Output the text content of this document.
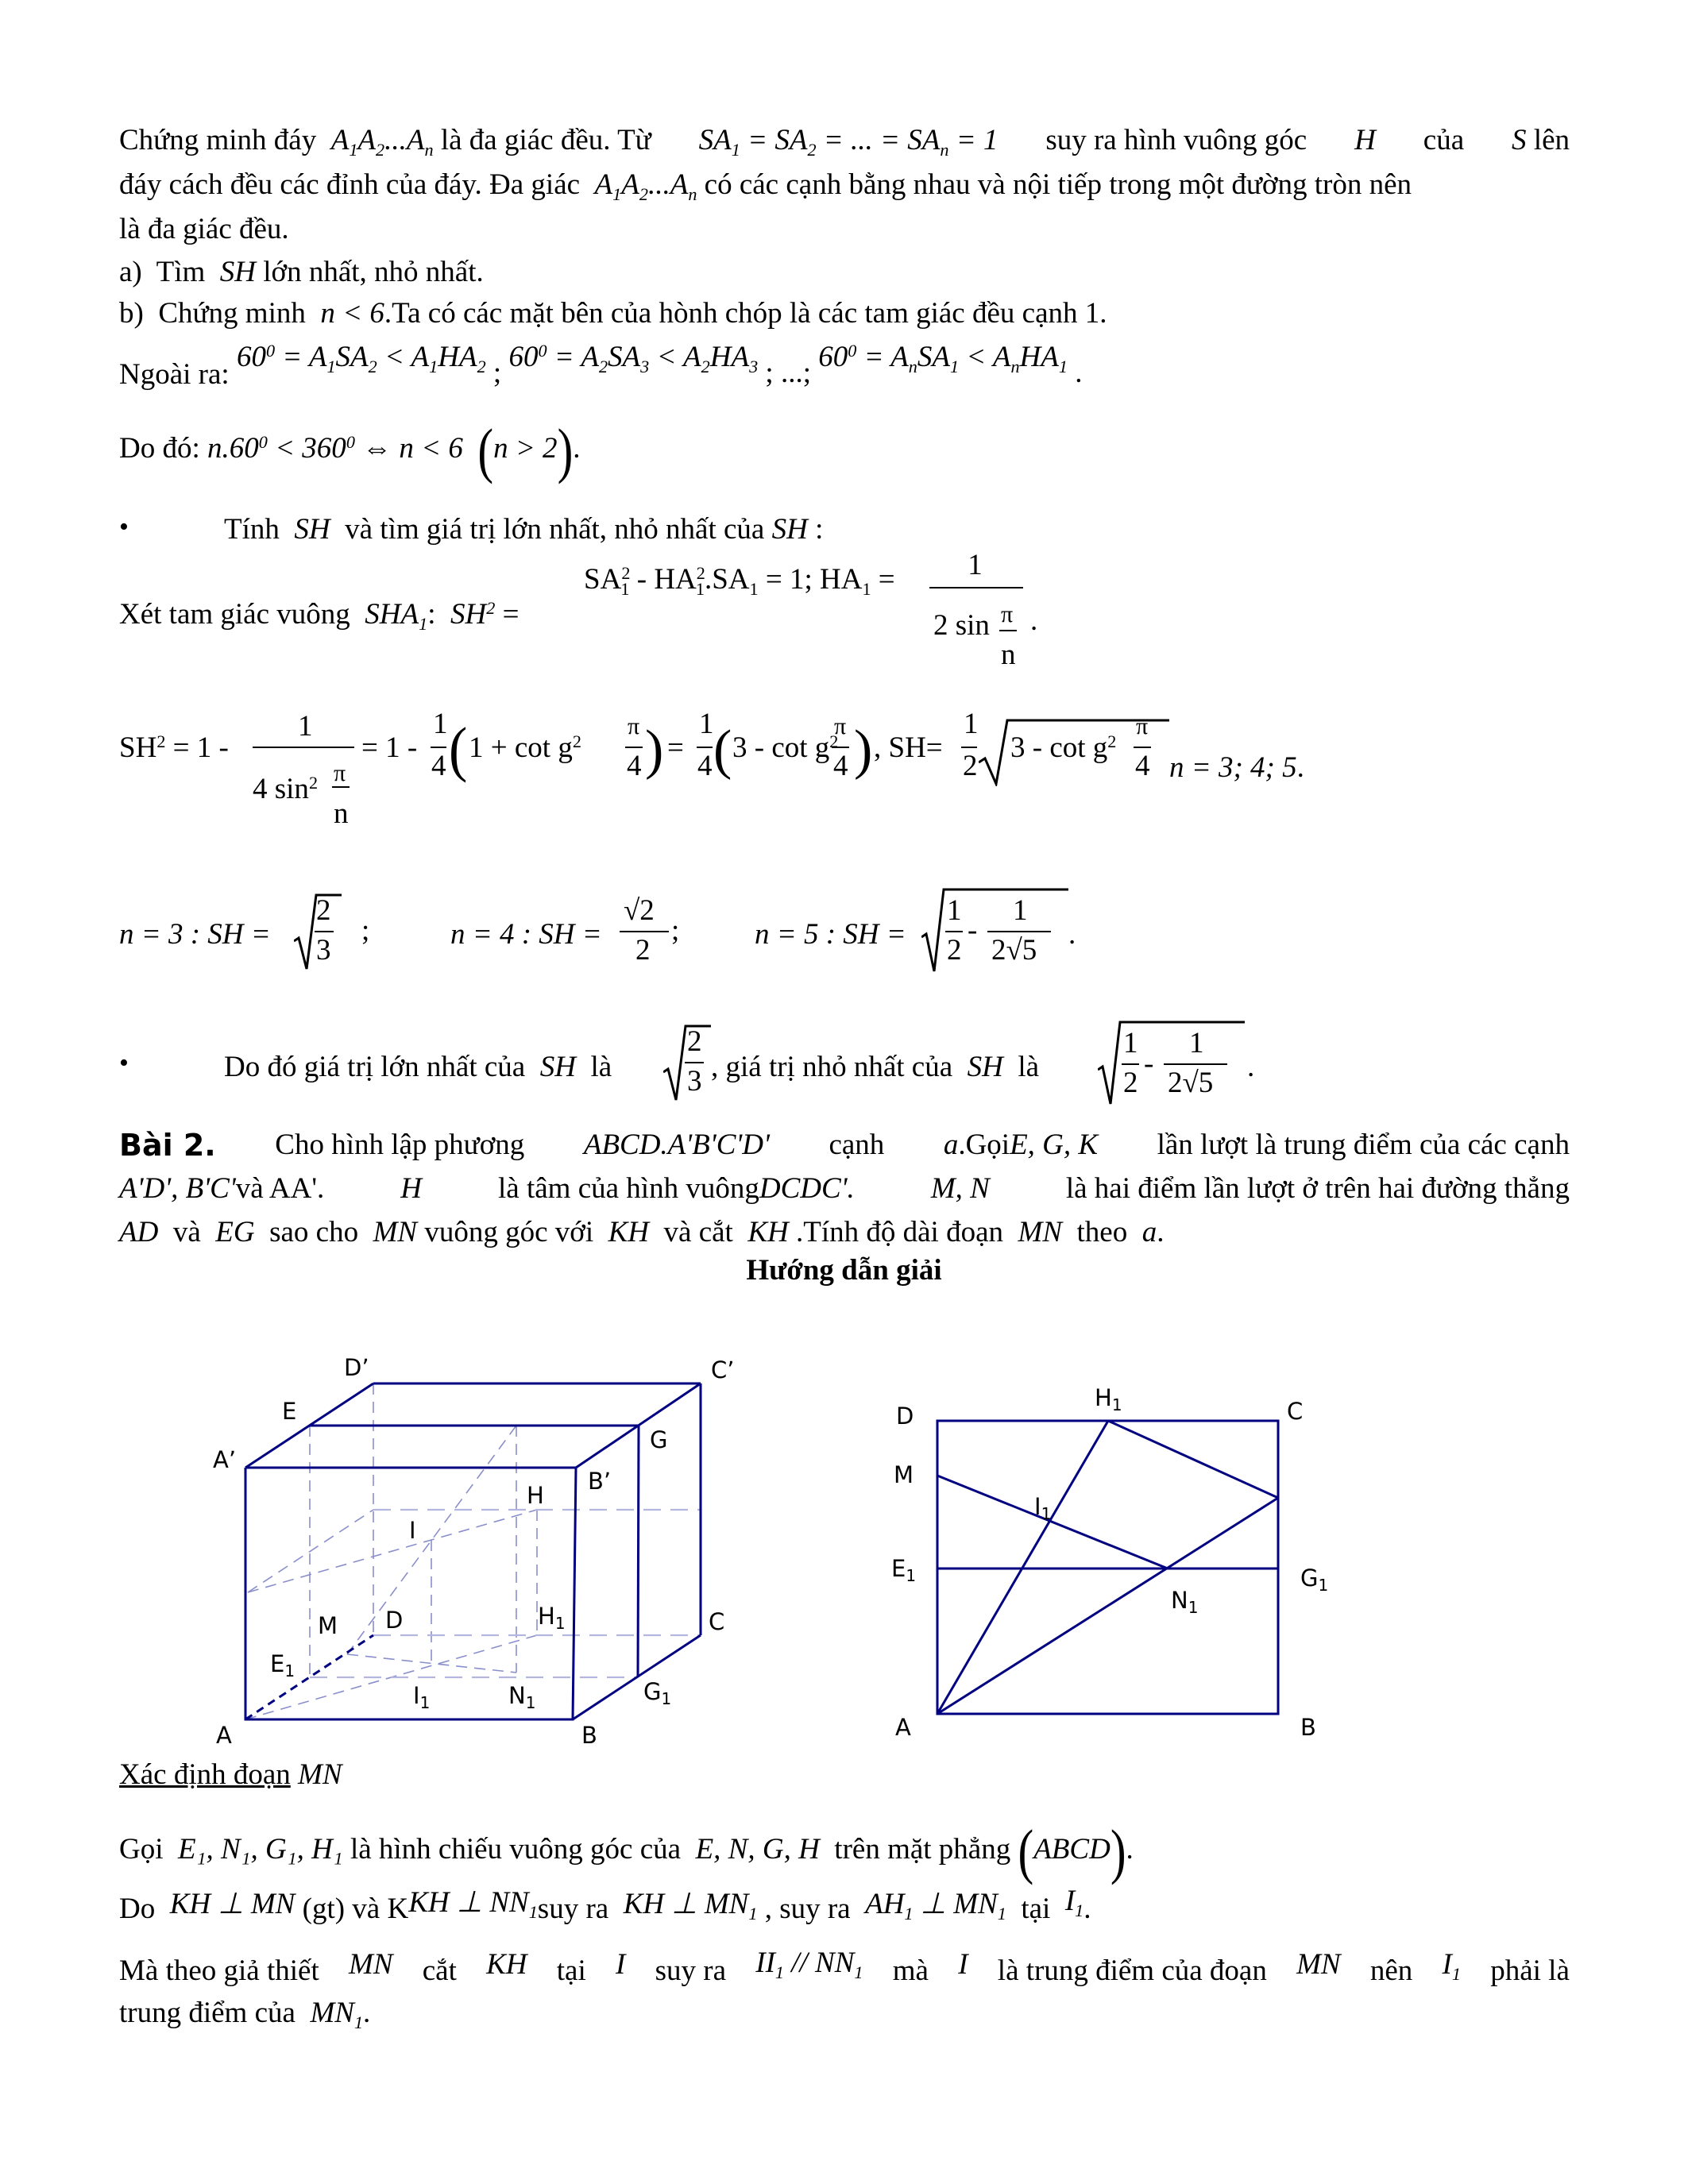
Chứng minh đáy $A_1A_2...A_n$ là đa giác đều. Từ $SA_1 = SA_2$ = ... = $SA_n = 1$ suy ra hình vuông góc H của S lên
đáy cách đều các đỉnh của đáy. Đa giác $A_1A_2...A_n$ có các cạnh bằng nhau và nội tiếp trong một đường tròn nên
là đa giác đều.
a) Tìm SH lớn nhất, nhỏ nhất.
b) Chứng minh n < 6.Ta có các mặt bên của hònh chóp là các tam giác đều cạnh 1.
Ngoài ra: $60^0 = A_1SA_2 < A_1HA_2$ ; $60^0 = A_2SA_3 < A_2HA_3$ ; ...; $60^0 = A_nSA_1 < A_nHA_1$ .
Do đó: $n.60^0 < 360^0$ ⇔ n < 6 (n > 2).
•	Tính SH và tìm giá trị lớn nhất, nhỏ nhất của SH :
Xét tam giác vuông $SHA_1$: $SH^2$ =
$SA^2_1 - HA^2_1.SA_1 = 1$; $HA_1$ =	1
2 sin π
n
.
$SH^2 = 1$ -
1
4 $\sin^2 \pi$
n
= 1 -
1
4 ( $1 + \cot g^2$
π
4 ) =
1
4 ( $3 - \cot g^2$
π
4 ) , SH=
1
2
$3 - \cot g^2$
π
4 n = 3; 4; 5.
n = 3 : SH =
2
3
;	n = 4 : SH =
√2
2
;	n = 5 : SH =
1
2
-
1
2√5 .
•	Do đó giá trị lớn nhất của SH là
2
3 , giá trị nhỏ nhất của SH là
1
2
-
1
2√5 .
Bài 2. Cho hình lập phương ABCD.A'B'C'D' cạnh a.GọiE, G, K lần lượt là trung điểm của các cạnh
A'D', B'C'và AA'.	H	là tâm của hình vuôngDCDC'.	M, N	là hai điểm lần lượt ở trên hai đường thẳng
AD và EG sao cho MN vuông góc với KH và cắt KH .Tính độ dài đoạn MN theo a.
Hướng dẫn giải
D’	C’
E
G
A’
B’
H
I
M D	$H_1$	C
$E_1$
$I_1$	$N_1$	$G_1$
A	B
$H_1$
D	C
M
$I_1$
$E_1$	$G_1$
$N_1$
A	B
Xác định đoạn MN
Gọi E₁, N₁, G₁, H₁ là hình chiếu vuông góc của E, N, G, H trên mặt phẳng (ABCD).
Do KH ⊥ MN (gt) và KKH ⊥ $NN_1suy$ ra KH ⊥ $MN_1$ , suy ra $AH_1$ ⊥ $MN_1$ tại $I_1$.
Mà theo giả thiết MN cắt KH tại I suy ra $II_1 // NN_1$ mà I là trung điểm của đoạn MN nên $I_1$ phải là
trung điểm của $MN_1$.
